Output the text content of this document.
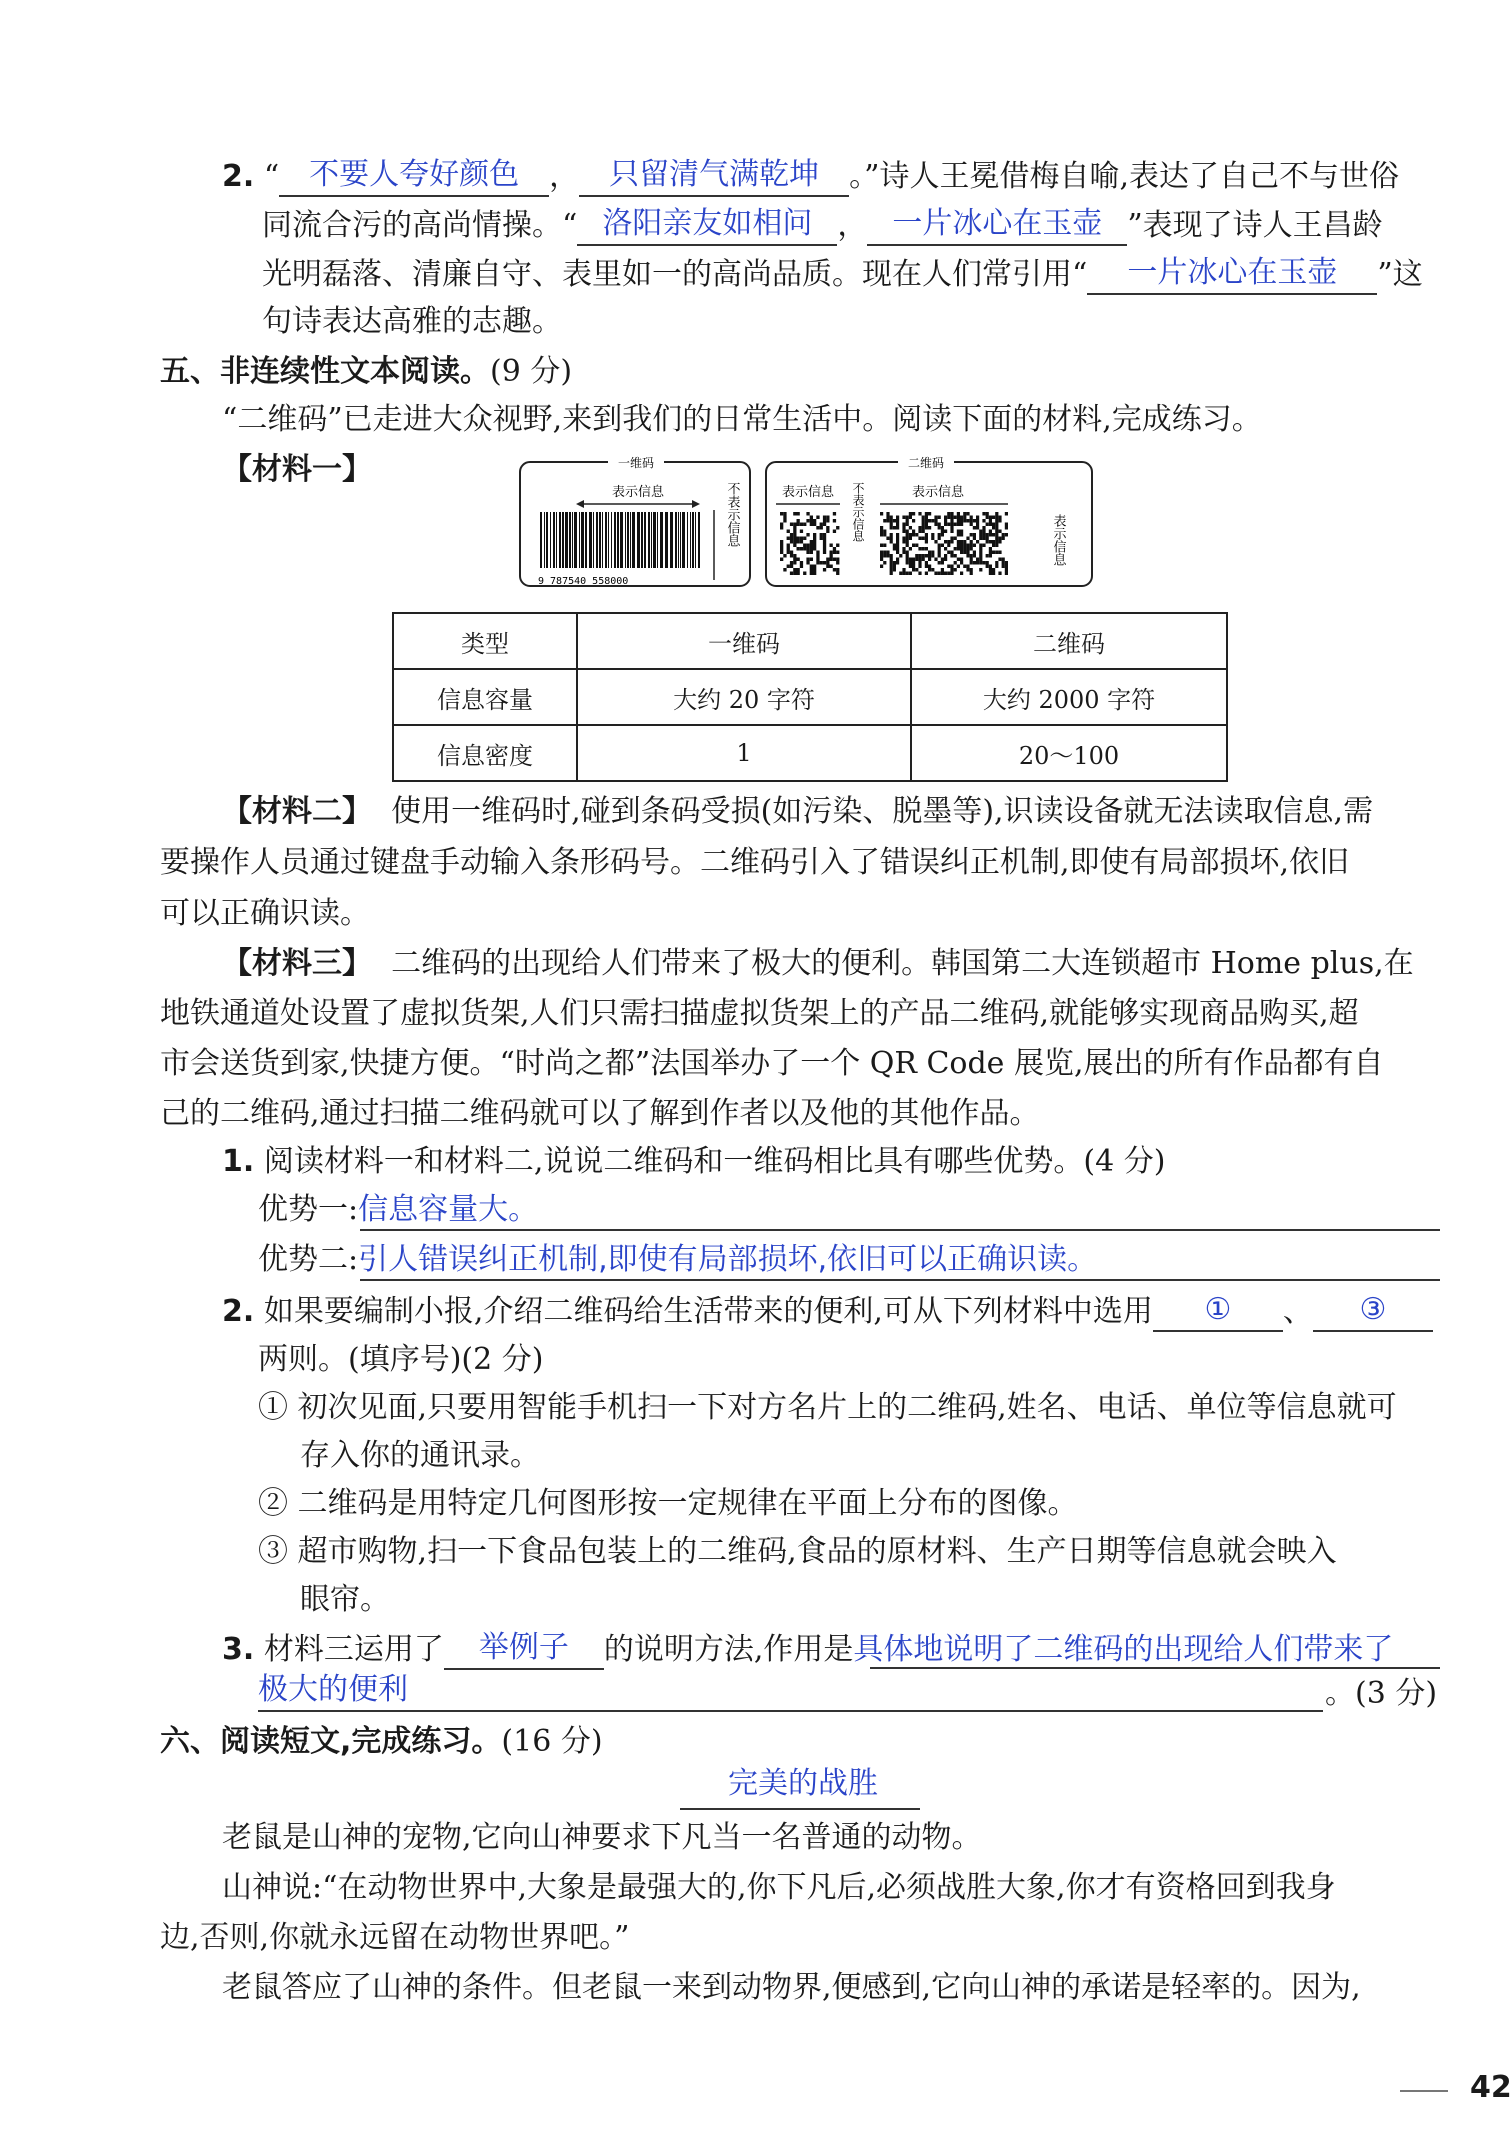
2. “ 不要人夸好颜色 ， 只留清气满乾坤 。”诗人王冕借梅自喻,表达了自己不与世俗
同流合污的高尚情操。“ 洛阳亲友如相问 ， 一片冰心在玉壶 ”表现了诗人王昌龄
光明磊落、清廉自守、表里如一的高尚品质。现在人们常引用“ 一片冰心在玉壶 ”这
句诗表达高雅的志趣。
五、非连续性文本阅读。(9 分)
“二维码”已走进大众视野,来到我们的日常生活中。阅读下面的材料,完成练习。
【材料一】	一维码
表示信息
9 787540 558000
不表示信息
二维码
表示信息 不表示信息	表示信息
表示信息
类型	一维码	二维码
信息容量	大约 20 字符	大约 2000 字符
信息密度	1	20～100
【材料二】 使用一维码时,碰到条码受损(如污染、脱墨等),识读设备就无法读取信息,需
要操作人员通过键盘手动输入条形码号。二维码引入了错误纠正机制,即使有局部损坏,依旧
可以正确识读。
【材料三】 二维码的出现给人们带来了极大的便利。韩国第二大连锁超市 Home plus,在
地铁通道处设置了虚拟货架,人们只需扫描虚拟货架上的产品二维码,就能够实现商品购买,超
市会送货到家,快捷方便。“时尚之都”法国举办了一个 QR Code 展览,展出的所有作品都有自
己的二维码,通过扫描二维码就可以了解到作者以及他的其他作品。
1. 阅读材料一和材料二,说说二维码和一维码相比具有哪些优势。(4 分)
优势一:信息容量大。
优势二:引人错误纠正机制,即使有局部损坏,依旧可以正确识读。
2. 如果要编制小报,介绍二维码给生活带来的便利,可从下列材料中选用 ① 、 ③
两则。(填序号)(2 分)
① 初次见面,只要用智能手机扫一下对方名片上的二维码,姓名、电话、单位等信息就可
存入你的通讯录。
② 二维码是用特定几何图形按一定规律在平面上分布的图像。
③ 超市购物,扫一下食品包装上的二维码,食品的原材料、生产日期等信息就会映入
眼帘。
3. 材料三运用了 举例子 的说明方法,作用是具体地说明了二维码的出现给人们带来了
极大的便利	。(3 分)
六、阅读短文,完成练习。(16 分)
完美的战胜
老鼠是山神的宠物,它向山神要求下凡当一名普通的动物。
山神说:“在动物世界中,大象是最强大的,你下凡后,必须战胜大象,你才有资格回到我身
边,否则,你就永远留在动物世界吧。”
老鼠答应了山神的条件。但老鼠一来到动物界,便感到,它向山神的承诺是轻率的。因为,
42
